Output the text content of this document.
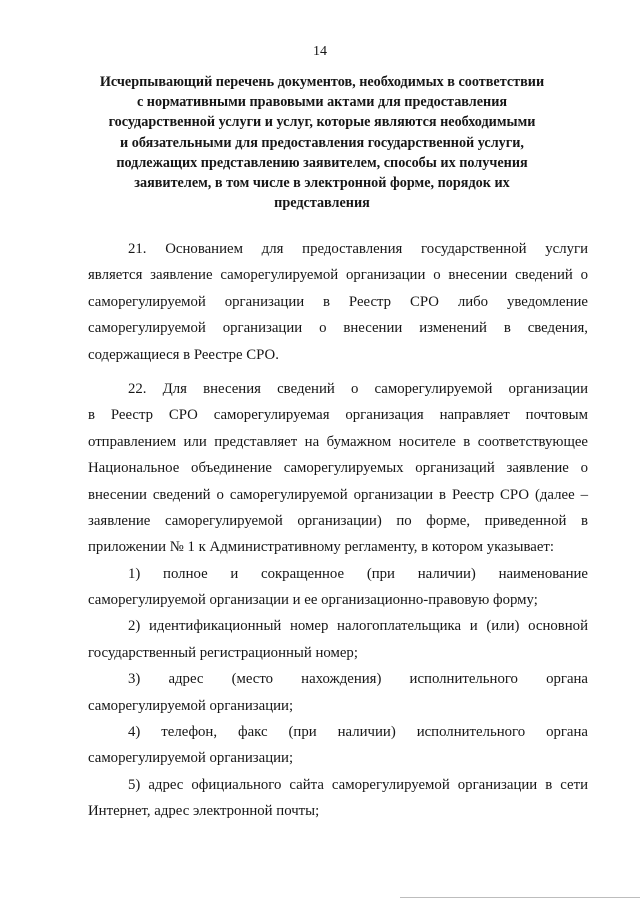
14
Исчерпывающий перечень документов, необходимых в соответствии
с нормативными правовыми актами для предоставления
государственной услуги и услуг, которые являются необходимыми
и обязательными для предоставления государственной услуги,
подлежащих представлению заявителем, способы их получения
заявителем, в том числе в электронной форме, порядок их
представления
21. Основанием для предоставления государственной услуги
является заявление саморегулируемой организации о внесении сведений о
саморегулируемой организации в Реестр СРО либо уведомление
саморегулируемой организации о внесении изменений в сведения,
содержащиеся в Реестре СРО.
22. Для внесения сведений о саморегулируемой организации
в Реестр СРО саморегулируемая организация направляет почтовым
отправлением или представляет на бумажном носителе в соответствующее
Национальное объединение саморегулируемых организаций заявление о
внесении сведений о саморегулируемой организации в Реестр СРО (далее –
заявление саморегулируемой организации) по форме, приведенной в
приложении № 1 к Административному регламенту, в котором указывает:
1) полное и сокращенное (при наличии) наименование
саморегулируемой организации и ее организационно-правовую форму;
2) идентификационный номер налогоплательщика и (или) основной
государственный регистрационный номер;
3) адрес (место нахождения) исполнительного органа
саморегулируемой организации;
4) телефон, факс (при наличии) исполнительного органа
саморегулируемой организации;
5) адрес официального сайта саморегулируемой организации в сети
Интернет, адрес электронной почты;
